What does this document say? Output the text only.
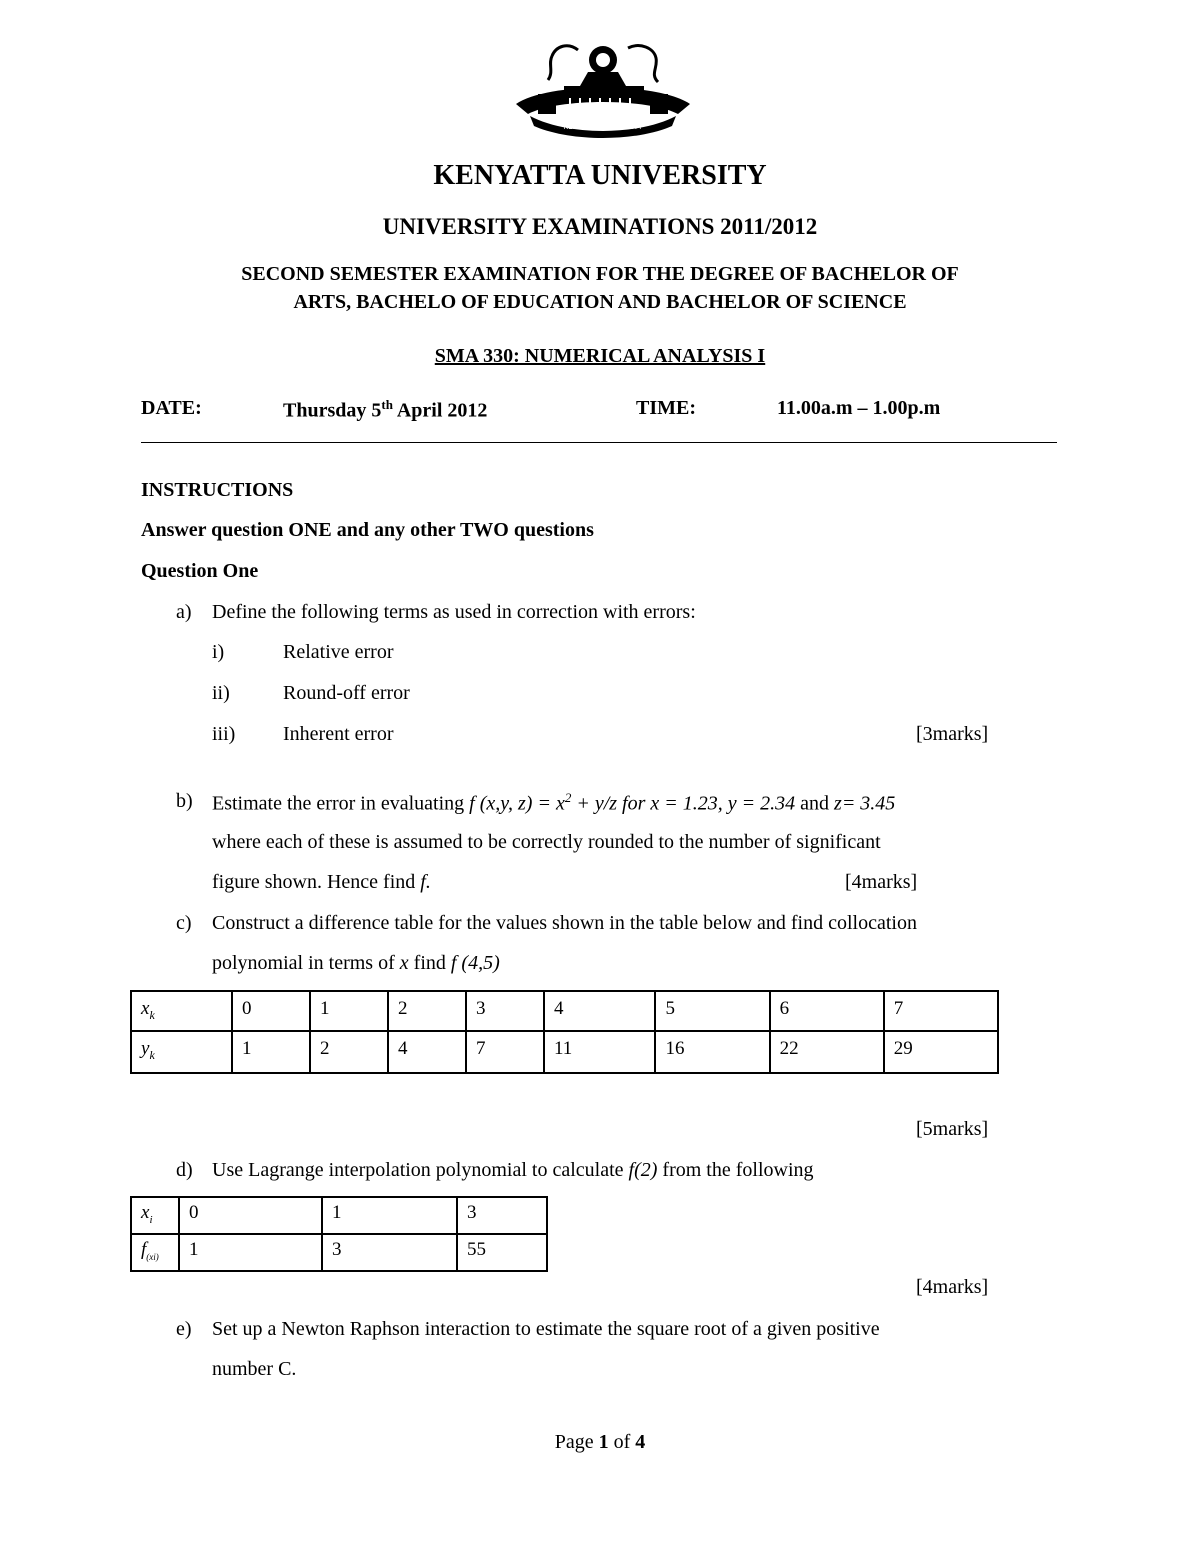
KENYATTA UNIVERSITY
KENYATTA UNIVERSITY
UNIVERSITY EXAMINATIONS 2011/2012
SECOND SEMESTER EXAMINATION FOR THE DEGREE OF BACHELOR OF
ARTS, BACHELO OF EDUCATION AND BACHELOR OF SCIENCE
SMA 330: NUMERICAL ANALYSIS I
DATE:	Thursday 5th April 2012	TIME:	11.00a.m – 1.00p.m
INSTRUCTIONS
Answer question ONE and any other TWO questions
Question One
a) Define the following terms as used in correction with errors:
i)	Relative error
ii)	Round-off error
iii) Inherent error	[3marks]
b) Estimate the error in evaluating f (x,y, $z) = x^2 + y/z$ for x = 1.23, y = 2.34 and z= 3.45
where each of these is assumed to be correctly rounded to the number of significant
figure shown. Hence find f.	[4marks]
c) Construct a difference table for the values shown in the table below and find collocation
polynomial in terms of x find f (4,5)
$x_k$	0	1	2	3	4	5	6	7
$y_k$	1	2	4	7	11	16	22	29
[5marks]
d) Use Lagrange interpolation polynomial to calculate f(2) from the following
$x_i$	0	1	3
$f_{(xi)}$	1	3	55
[4marks]
e) Set up a Newton Raphson interaction to estimate the square root of a given positive
number C.
Page 1 of 4
